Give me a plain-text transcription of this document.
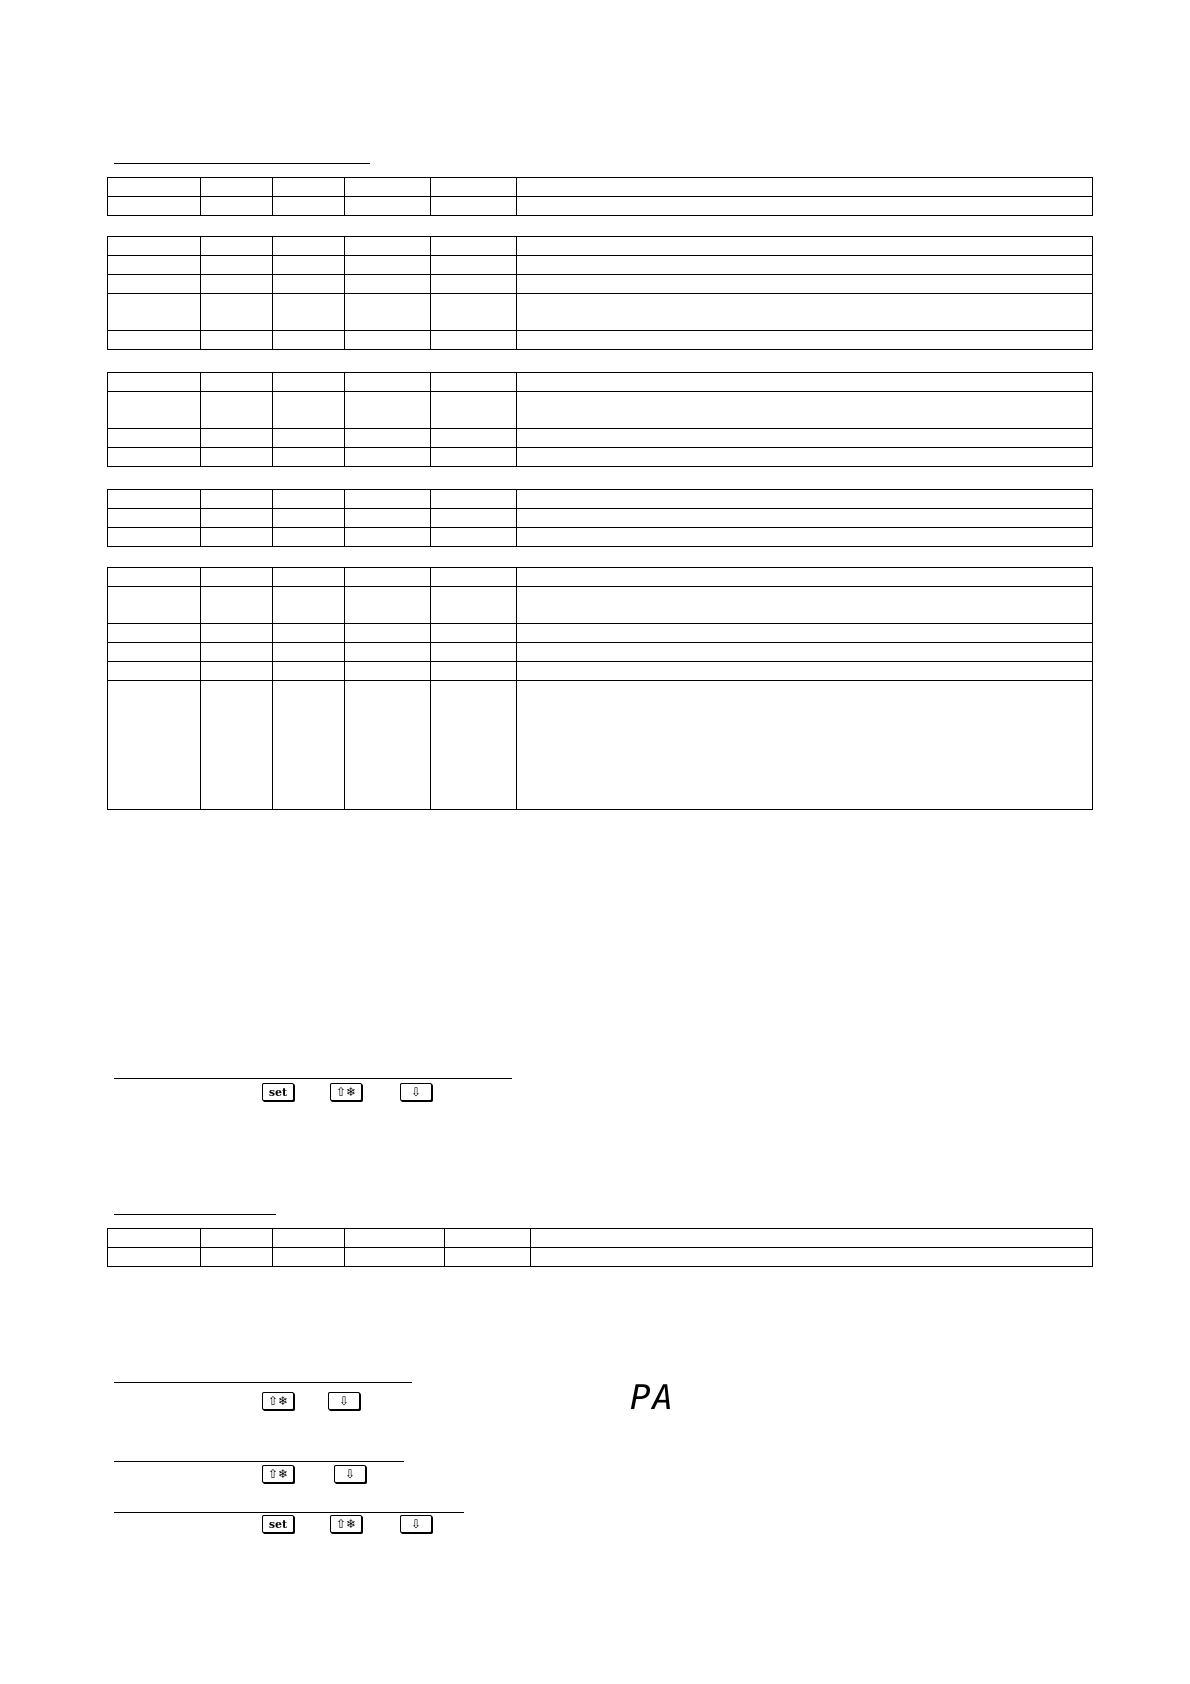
set	⇧❄	⇩

⇧❄	⇩	PA
⇧❄	⇩
set	⇧❄	⇩
